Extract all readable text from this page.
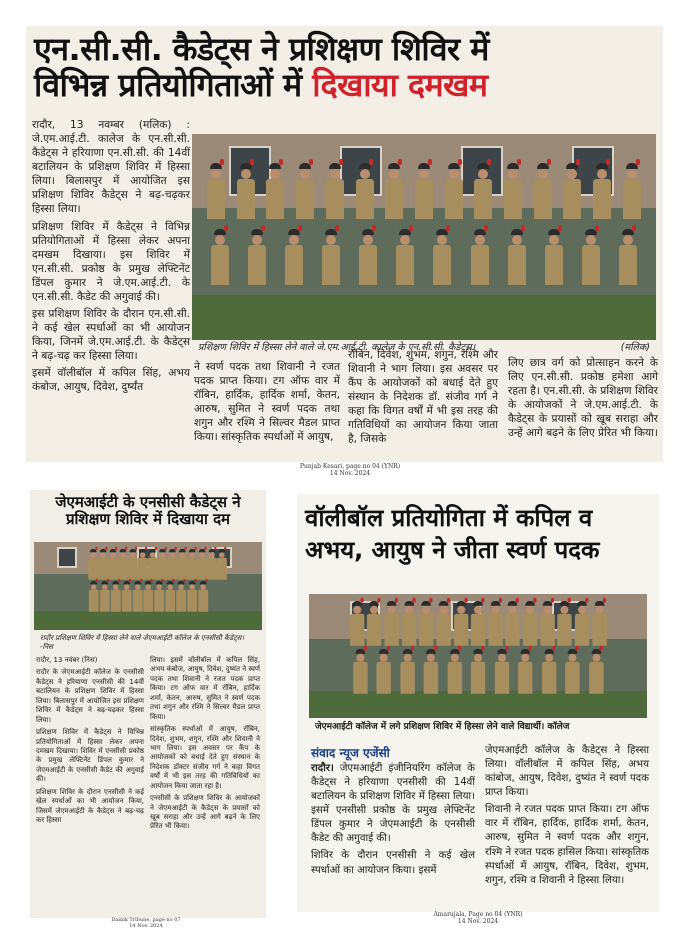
एन.सी.सी. कैडेट्स ने प्रशिक्षण शिविर में
विभिन्न प्रतियोगिताओं में दिखाया दमखम

रादौर, 13 नवम्बर (मलिक) : जे.एम.आई.टी. कालेज के एन.सी.सी. कैडेट्स ने हरियाणा एन.सी.सी. की 14वीं बटालियन के प्रशिक्षण शिविर में हिस्सा लिया। बिलासपुर में आयोजित इस प्रशिक्षण शिविर कैडेट्स ने बढ़-चढ़कर हिस्सा लिया।

प्रशिक्षण शिविर में कैडेट्स ने विभिन्न प्रतियोगिताओं में हिस्सा लेकर अपना दमखम दिखाया। इस शिविर में एन.सी.सी. प्रकोष्ठ के प्रमुख लेफ्टिनेंट डिंपल कुमार ने जे.एम.आई.टी. के एन.सी.सी. कैडेट की अगुवाई की।

इस प्रशिक्षण शिविर के दौरान एन.सी.सी. ने कई खेल स्पर्धाओं का भी आयोजन किया, जिनमें जे.एम.आई.टी. के कैडेट्स ने बढ़-चढ़ कर हिस्सा लिया।

इसमें वॉलीबॉल में कपिल सिंह, अभय कंबोज, आयुष, दिवेश, दुर्ष्यंत

प्रशिक्षण शिविर में हिस्सा लेने वाले जे.एम.आई.टी. कालेज के एन.सी.सी. कैडेट्स।	(मलिक)

ने स्वर्ण पदक तथा शिवानी ने रजत पदक प्राप्त किया। टग ऑफ वार में रॉबिन, हार्दिक, हार्दिक शर्मा, केतन, आरुष, सुमित ने स्वर्ण पदक तथा शगुन और रश्मि ने सिल्वर मैडल प्राप्त किया। सांस्कृतिक स्पर्धाओं में आयुष,

रॉबिन, दिवेश, शुभम, शगुन, रश्मि और शिवानी ने भाग लिया। इस अवसर पर कैंप के आयोजकों को बधाई देते हुए संस्थान के निदेशक डॉ. संजीव गर्ग ने कहा कि विगत वर्षों में भी इस तरह की गतिविधियों का आयोजन किया जाता है, जिसके

लिए छात्र वर्ग को प्रोत्साहन करने के लिए एन.सी.सी. प्रकोष्ठ हमेशा आगे रहता है। एन.सी.सी. के प्रशिक्षण शिविर के आयोजकों ने जे.एम.आई.टी. के कैडेट्स के प्रयासों को खूब सराहा और उन्हें आगे बढ़ने के लिए प्रेरित भी किया।

Punjab Kesari, page no 04 (YNR)
14 Nov. 2024
जेएमआईटी के एनसीसी कैडेट्स ने प्रशिक्षण शिविर में दिखाया दम
रादौर प्रशिक्षण शिविर में हिस्सा लेने वाले जेएमआईटी कॉलेज के एनसीसी कैडेट्स। -निस

रादौर, 13 नवंबर (निस)

रादौर के जेएमआईटी कॉलेज के एनसीसी कैडेट्स ने हरियाणा एनसीसी की 14वीं बटालियन के प्रशिक्षण शिविर में हिस्सा लिया। बिलासपुर में आयोजित इस प्रशिक्षण शिविर में कैडेट्स ने बढ़-चढ़कर हिस्सा लिया।

प्रशिक्षण शिविर में कैडेट्स ने विभिन्न प्रतियोगिताओं में हिस्सा लेकर अपना दमखम दिखाया। शिविर में एनसीसी प्रकोष्ठ के प्रमुख लेफ्टिनेंट डिंपल कुमार ने जेएमआईटी के एनसीसी कैडेट की अगुवाई की।

प्रशिक्षण शिविर के दौरान एनसीसी ने कई खेल स्पर्धाओं का भी आयोजन किया, जिसमें जेएमआईटी के कैडेट्स ने बढ़-चढ़ कर हिस्सा

लिया। इसमें वॉलीबॉल में कपिल सिंह, अभय कंबोज, आयुष, दिवेश, दुष्यंत ने स्वर्ण पदक तथा शिवानी ने रजत पदक प्राप्त किया। टग ऑफ वार में रॉबिन, हार्दिक शर्मा, केतन, आरुष, सुमित ने स्वर्ण पदक तथा शगुन और रश्मि ने सिल्वर मैडल प्राप्त किया।

सांस्कृतिक स्पर्धाओं में आयुष, रॉबिन, दिवेश, शुभम, शगुन, रश्मि और शिवानी ने भाग लिया। इस अवसर पर कैंप के आयोजकों को बधाई देते हुए संस्थान के निदेशक डॉक्टर संजीव गर्ग ने कहा विगत वर्षों में भी इस तरह की गतिविधियों का आयोजन किया जाता रहा है।

एनसीसी के प्रशिक्षण शिविर के आयोजकों ने जेएमआईटी के कैडेट्स के प्रयासों को खूब सराहा और उन्हें आगे बढ़ने के लिए प्रेरित भी किया।

Dainik Tribune, page no 07
14 Nov. 2024
वॉलीबॉल प्रतियोगिता में कपिल व अभय, आयुष ने जीता स्वर्ण पदक
जेएमआईटी कॉलेज में लगे प्रशिक्षण शिविर में हिस्सा लेने वाले विद्यार्थी। कॉलेज
संवाद न्यूज एजेंसी

रादौर। जेएमआईटी इंजीनियरिंग कॉलेज के कैडेट्स ने हरियाणा एनसीसी की 14वीं बटालियन के प्रशिक्षण शिविर में हिस्सा लिया। इसमें एनसीसी प्रकोष्ठ के प्रमुख लेफ्टिनेंट डिंपल कुमार ने जेएमआईटी के एनसीसी कैडेट की अगुवाई की।

शिविर के दौरान एनसीसी ने कई खेल स्पर्धाओं का आयोजन किया। इसमें

जेएमआईटी कॉलेज के कैडेट्स ने हिस्सा लिया। वॉलीबॉल में कपिल सिंह, अभय कांबोज, आयुष, दिवेश, दुष्यंत ने स्वर्ण पदक प्राप्त किया।

शिवानी ने रजत पदक प्राप्त किया। टग ऑफ वार में रॉबिन, हार्दिक, हार्दिक शर्मा, केतन, आरुष, सुमित ने स्वर्ण पदक और शगुन, रश्मि ने रजत पदक हासिल किया। सांस्कृतिक स्पर्धाओं में आयुष, रॉबिन, दिवेश, शुभम, शगुन, रश्मि व शिवानी ने हिस्सा लिया।

Amarujala, Page no 04 (YNR)
14 Nov. 2024
